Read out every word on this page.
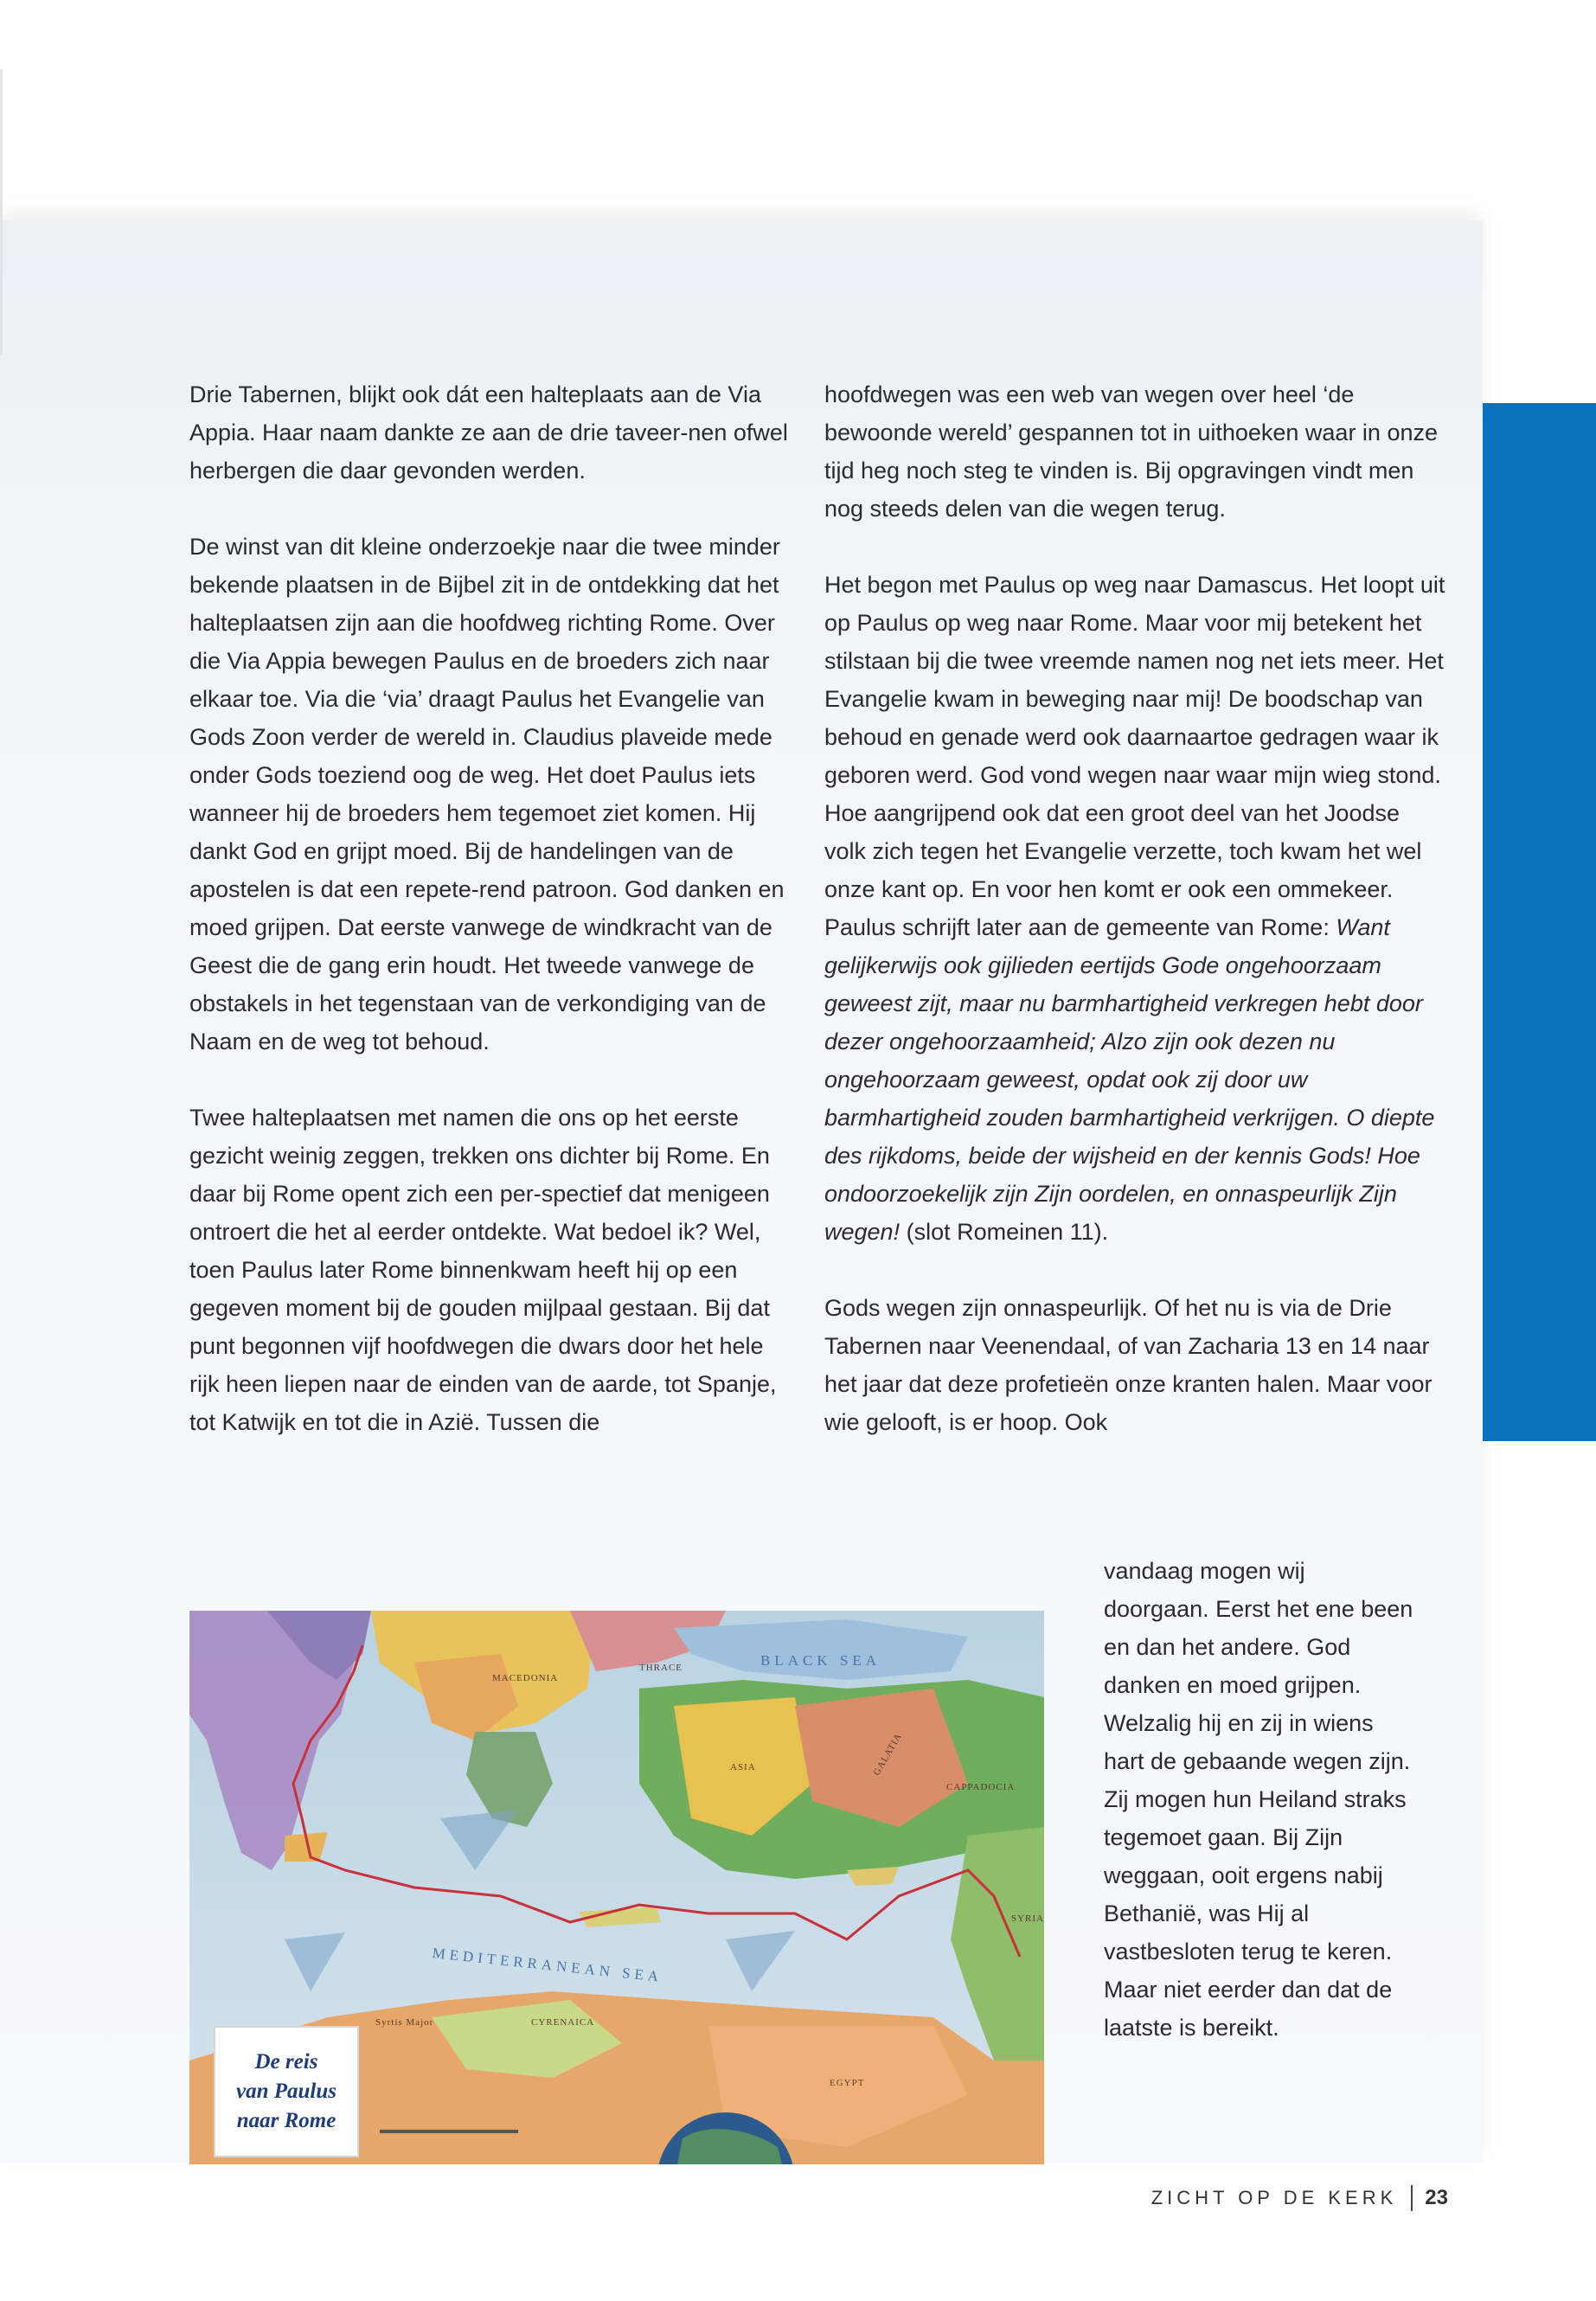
Drie Tabernen, blijkt ook dát een halteplaats aan de Via Appia. Haar naam dankte ze aan de drie taveer-nen ofwel herbergen die daar gevonden werden.

De winst van dit kleine onderzoekje naar die twee minder bekende plaatsen in de Bijbel zit in de ontdekking dat het halteplaatsen zijn aan die hoofdweg richting Rome. Over die Via Appia bewegen Paulus en de broeders zich naar elkaar toe. Via die ‘via’ draagt Paulus het Evangelie van Gods Zoon verder de wereld in. Claudius plaveide mede onder Gods toeziend oog de weg. Het doet Paulus iets wanneer hij de broeders hem tegemoet ziet komen. Hij dankt God en grijpt moed. Bij de handelingen van de apostelen is dat een repete-rend patroon. God danken en moed grijpen. Dat eerste vanwege de windkracht van de Geest die de gang erin houdt. Het tweede vanwege de obstakels in het tegenstaan van de verkondiging van de Naam en de weg tot behoud.

Twee halteplaatsen met namen die ons op het eerste gezicht weinig zeggen, trekken ons dichter bij Rome. En daar bij Rome opent zich een per-spectief dat menigeen ontroert die het al eerder ontdekte. Wat bedoel ik? Wel, toen Paulus later Rome binnenkwam heeft hij op een gegeven moment bij de gouden mijlpaal gestaan. Bij dat punt begonnen vijf hoofdwegen die dwars door het hele rijk heen liepen naar de einden van de aarde, tot Spanje, tot Katwijk en tot die in Azië. Tussen die

hoofdwegen was een web van wegen over heel ‘de bewoonde wereld’ gespannen tot in uithoeken waar in onze tijd heg noch steg te vinden is. Bij opgravingen vindt men nog steeds delen van die wegen terug.

Het begon met Paulus op weg naar Damascus. Het loopt uit op Paulus op weg naar Rome. Maar voor mij betekent het stilstaan bij die twee vreemde namen nog net iets meer. Het Evangelie kwam in beweging naar mij! De boodschap van behoud en genade werd ook daarnaartoe gedragen waar ik geboren werd. God vond wegen naar waar mijn wieg stond. Hoe aangrijpend ook dat een groot deel van het Joodse volk zich tegen het Evangelie verzette, toch kwam het wel onze kant op. En voor hen komt er ook een ommekeer. Paulus schrijft later aan de gemeente van Rome: Want gelijkerwijs ook gijlieden eertijds Gode ongehoorzaam geweest zijt, maar nu barmhartigheid verkregen hebt door dezer ongehoorzaamheid; Alzo zijn ook dezen nu ongehoorzaam geweest, opdat ook zij door uw barmhartigheid zouden barmhartigheid verkrijgen. O diepte des rijkdoms, beide der wijsheid en der kennis Gods! Hoe ondoorzoekelijk zijn Zijn oordelen, en onnaspeurlijk Zijn wegen! (slot Romeinen 11).

Gods wegen zijn onnaspeurlijk. Of het nu is via de Drie Tabernen naar Veenendaal, of van Zacharia 13 en 14 naar het jaar dat deze profetieën onze kranten halen. Maar voor wie gelooft, is er hoop. Ook

vandaag mogen wij doorgaan. Eerst het ene been en dan het andere. God danken en moed grijpen. Welzalig hij en zij in wiens hart de gebaande wegen zijn. Zij mogen hun Heiland straks tegemoet gaan. Bij Zijn weggaan, ooit ergens nabij Bethanië, was Hij al vastbesloten terug te keren. Maar niet eerder dan dat de laatste is bereikt.

BLACK SEA
MEDITERRANEAN SEA
MACEDONIA
THRACE
ASIA	GALATIA
CAPPADOCIA
CYRENAICA
EGYPT
SYRIA
Syrtis Major
De reis
van Paulus
naar Rome
ZICHT OP DE KERK 23
